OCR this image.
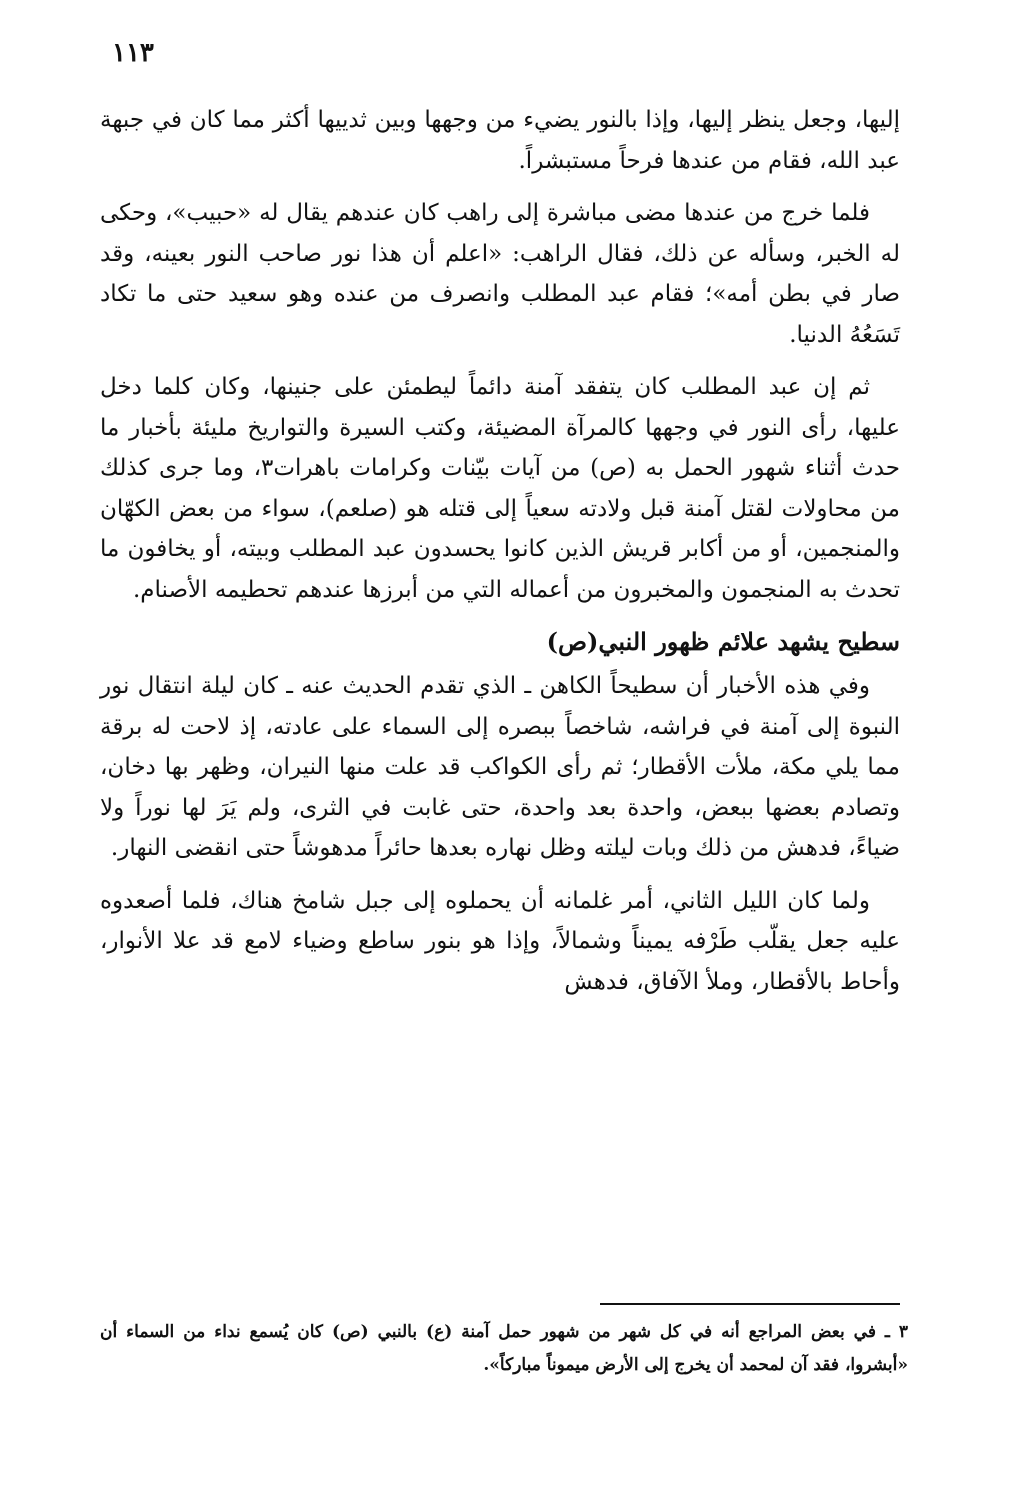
١١٣

إليها، وجعل ينظر إليها، وإذا بالنور يضيء من وجهها وبين ثدييها أكثر مما كان في جبهة عبد الله، فقام من عندها فرحاً مستبشراً.

فلما خرج من عندها مضى مباشرة إلى راهب كان عندهم يقال له «حبيب»، وحكى له الخبر، وسأله عن ذلك، فقال الراهب: «اعلم أن هذا نور صاحب النور بعينه، وقد صار في بطن أمه»؛ فقام عبد المطلب وانصرف من عنده وهو سعيد حتى ما تكاد تَسَعُهُ الدنيا.

ثم إن عبد المطلب كان يتفقد آمنة دائماً ليطمئن على جنينها، وكان كلما دخل عليها، رأى النور في وجهها كالمرآة المضيئة، وكتب السيرة والتواريخ مليئة بأخبار ما حدث أثناء شهور الحمل به (ص) من آيات بيّنات وكرامات باهرات٣، وما جرى كذلك من محاولات لقتل آمنة قبل ولادته سعياً إلى قتله هو (صلعم)، سواء من بعض الكهّان والمنجمين، أو من أكابر قريش الذين كانوا يحسدون عبد المطلب وبيته، أو يخافون ما تحدث به المنجمون والمخبرون من أعماله التي من أبرزها عندهم تحطيمه الأصنام.

سطيح يشهد علائم ظهور النبي(ص)

وفي هذه الأخبار أن سطيحاً الكاهن ـ الذي تقدم الحديث عنه ـ كان ليلة انتقال نور النبوة إلى آمنة في فراشه، شاخصاً ببصره إلى السماء على عادته، إذ لاحت له برقة مما يلي مكة، ملأت الأقطار؛ ثم رأى الكواكب قد علت منها النيران، وظهر بها دخان، وتصادم بعضها ببعض، واحدة بعد واحدة، حتى غابت في الثرى، ولم يَرَ لها نوراً ولا ضياءً، فدهش من ذلك وبات ليلته وظل نهاره بعدها حائراً مدهوشاً حتى انقضى النهار.

ولما كان الليل الثاني، أمر غلمانه أن يحملوه إلى جبل شامخ هناك، فلما أصعدوه عليه جعل يقلّب طَرْفه يميناً وشمالاً، وإذا هو بنور ساطع وضياء لامع قد علا الأنوار، وأحاط بالأقطار، وملأ الآفاق، فدهش

٣ ـ في بعض المراجع أنه في كل شهر من شهور حمل آمنة (ع) بالنبي (ص) كان يُسمع نداء من السماء أن «أبشروا، فقد آن لمحمد أن يخرج إلى الأرض ميموناً مباركاً».
